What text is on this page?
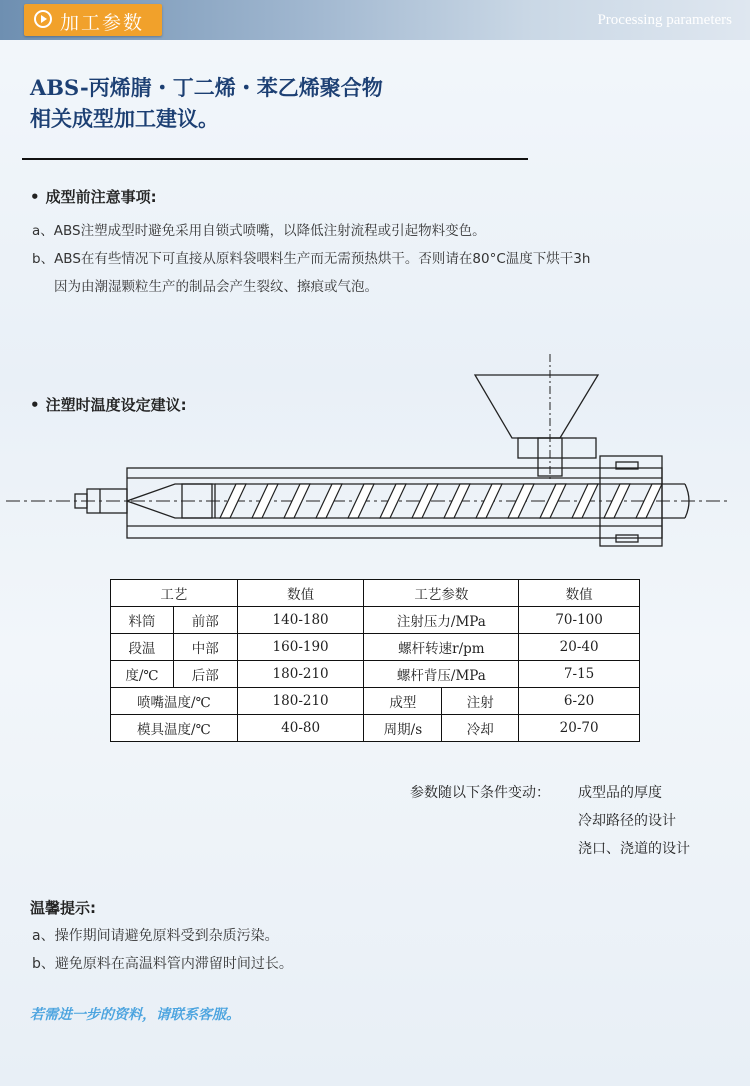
加工参数	Processing parameters
ABS-丙烯腈・丁二烯・苯乙烯聚合物
相关成型加工建议。
• 成型前注意事项:
a、ABS注塑成型时避免采用自锁式喷嘴，以降低注射流程或引起物料变色。
b、ABS在有些情况下可直接从原料袋喂料生产而无需预热烘干。否则请在80°C温度下烘干3h
因为由潮湿颗粒生产的制品会产生裂纹、擦痕或气泡。
• 注塑时温度设定建议:
工艺		数值	工艺参数		数值
料筒	前部	140-180	注射压力/MPa		70-100
段温	中部	160-190	螺杆转速r/pm		20-40
度/℃	后部	180-210	螺杆背压/MPa		7-15
喷嘴温度/℃		180-210	成型	注射	6-20
模具温度/℃		40-80	周期/s	冷却	20-70
参数随以下条件变动： 成型品的厚度
冷却路径的设计
浇口、浇道的设计
温馨提示:
a、操作期间请避免原料受到杂质污染。
b、避免原料在高温料管内滞留时间过长。
若需进一步的资料，请联系客服。
